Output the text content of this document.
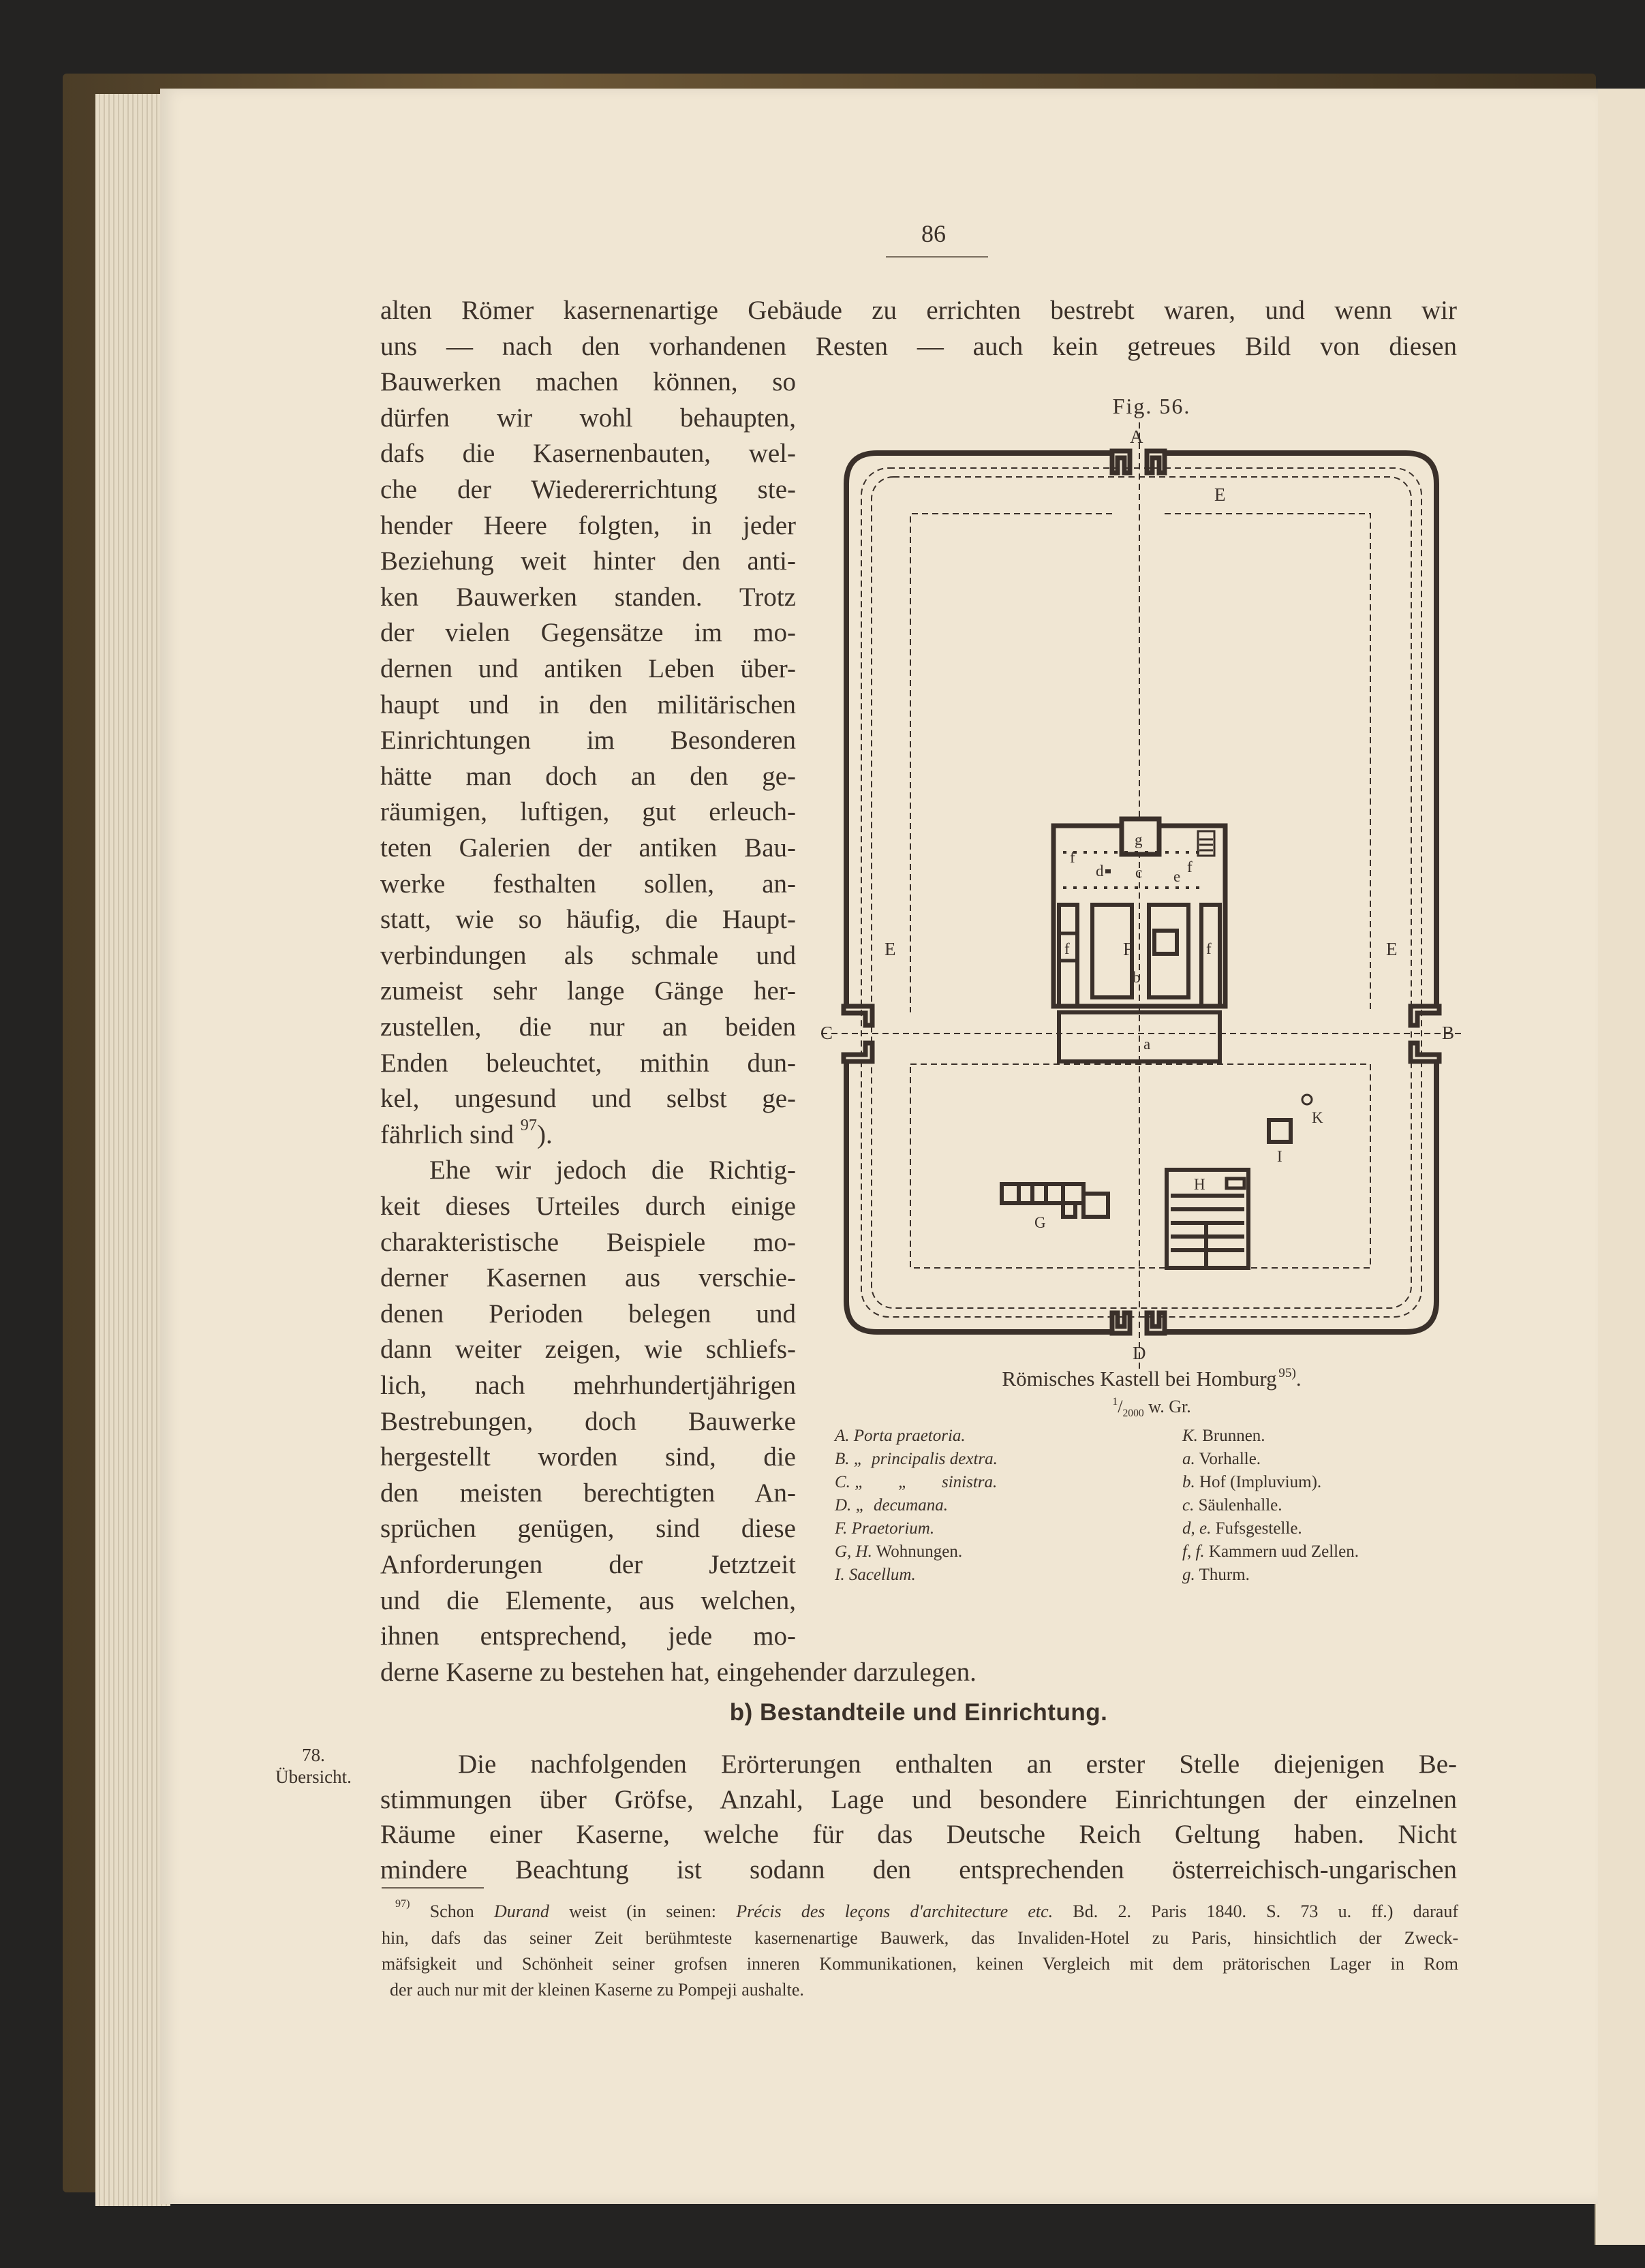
86
alten Römer kasernenartige Gebäude zu errichten bestrebt waren, und wenn wir
uns — nach den vorhandenen Resten — auch kein getreues Bild von diesen
Bauwerken machen können, so
dürfen wir wohl behaupten,
dafs die Kasernenbauten, wel-
che der Wiedererrichtung ste-
hender Heere folgten, in jeder
Beziehung weit hinter den anti-
ken Bauwerken standen. Trotz
der vielen Gegensätze im mo-
dernen und antiken Leben über-
haupt und in den militärischen
Einrichtungen im Besonderen
hätte man doch an den ge-
räumigen, luftigen, gut erleuch-
teten Galerien der antiken Bau-
werke festhalten sollen, an-
statt, wie so häufig, die Haupt-
verbindungen als schmale und
zumeist sehr lange Gänge her-
zustellen, die nur an beiden
Enden beleuchtet, mithin dun-
kel, ungesund und selbst ge-
fährlich sind $^{97}$).
Ehe wir jedoch die Richtig-
keit dieses Urteiles durch einige
charakteristische Beispiele mo-
derner Kasernen aus verschie-
denen Perioden belegen und
dann weiter zeigen, wie schliefs-
lich, nach mehrhundertjährigen
Bestrebungen, doch Bauwerke
hergestellt worden sind, die
den meisten berechtigten An-
sprüchen genügen, sind diese
Anforderungen der Jetztzeit
und die Elemente, aus welchen,
ihnen entsprechend, jede mo-
derne Kaserne zu bestehen hat, eingehender darzulegen.
Fig. 56.
A
E
E	E
C	B
D
F
b
a
g
c
d	e
f	f
f
f
G
H
I
K
Römisches Kastell bei Homburg  $^{95)}$.
$^1/_{2000}$ w. Gr.
A. Porta praetoria.
B. „  principalis dextra.
C. „        „        sinistra.
D. „  decumana.
F. Praetorium.
G, H. Wohnungen.
I. Sacellum.
K. Brunnen.
a. Vorhalle.
b. Hof (Impluvium).
c. Säulenhalle.
d, e. Fufsgestelle.
f, f. Kammern uud Zellen.
g. Thurm.
b) Bestandteile und Einrichtung.
78.
Übersicht.	Die nachfolgenden Erörterungen enthalten an erster Stelle diejenigen Be-
stimmungen über Gröfse, Anzahl, Lage und besondere Einrichtungen der einzelnen
Räume einer Kaserne, welche für das Deutsche Reich Geltung haben. Nicht
mindere Beachtung ist sodann den entsprechenden österreichisch-ungarischen
$^{97)}$ Schon Durand weist (in seinen: Précis des leçons d'architecture etc. Bd. 2. Paris 1840. S. 73 u. ff.) darauf
hin, dafs das seiner Zeit berühmteste kasernenartige Bauwerk, das Invaliden-Hotel zu Paris, hinsichtlich der Zweck-
mäfsigkeit und Schönheit seiner grofsen inneren Kommunikationen, keinen Vergleich mit dem prätorischen Lager in Rom
der auch nur mit der kleinen Kaserne zu Pompeji aushalte.
